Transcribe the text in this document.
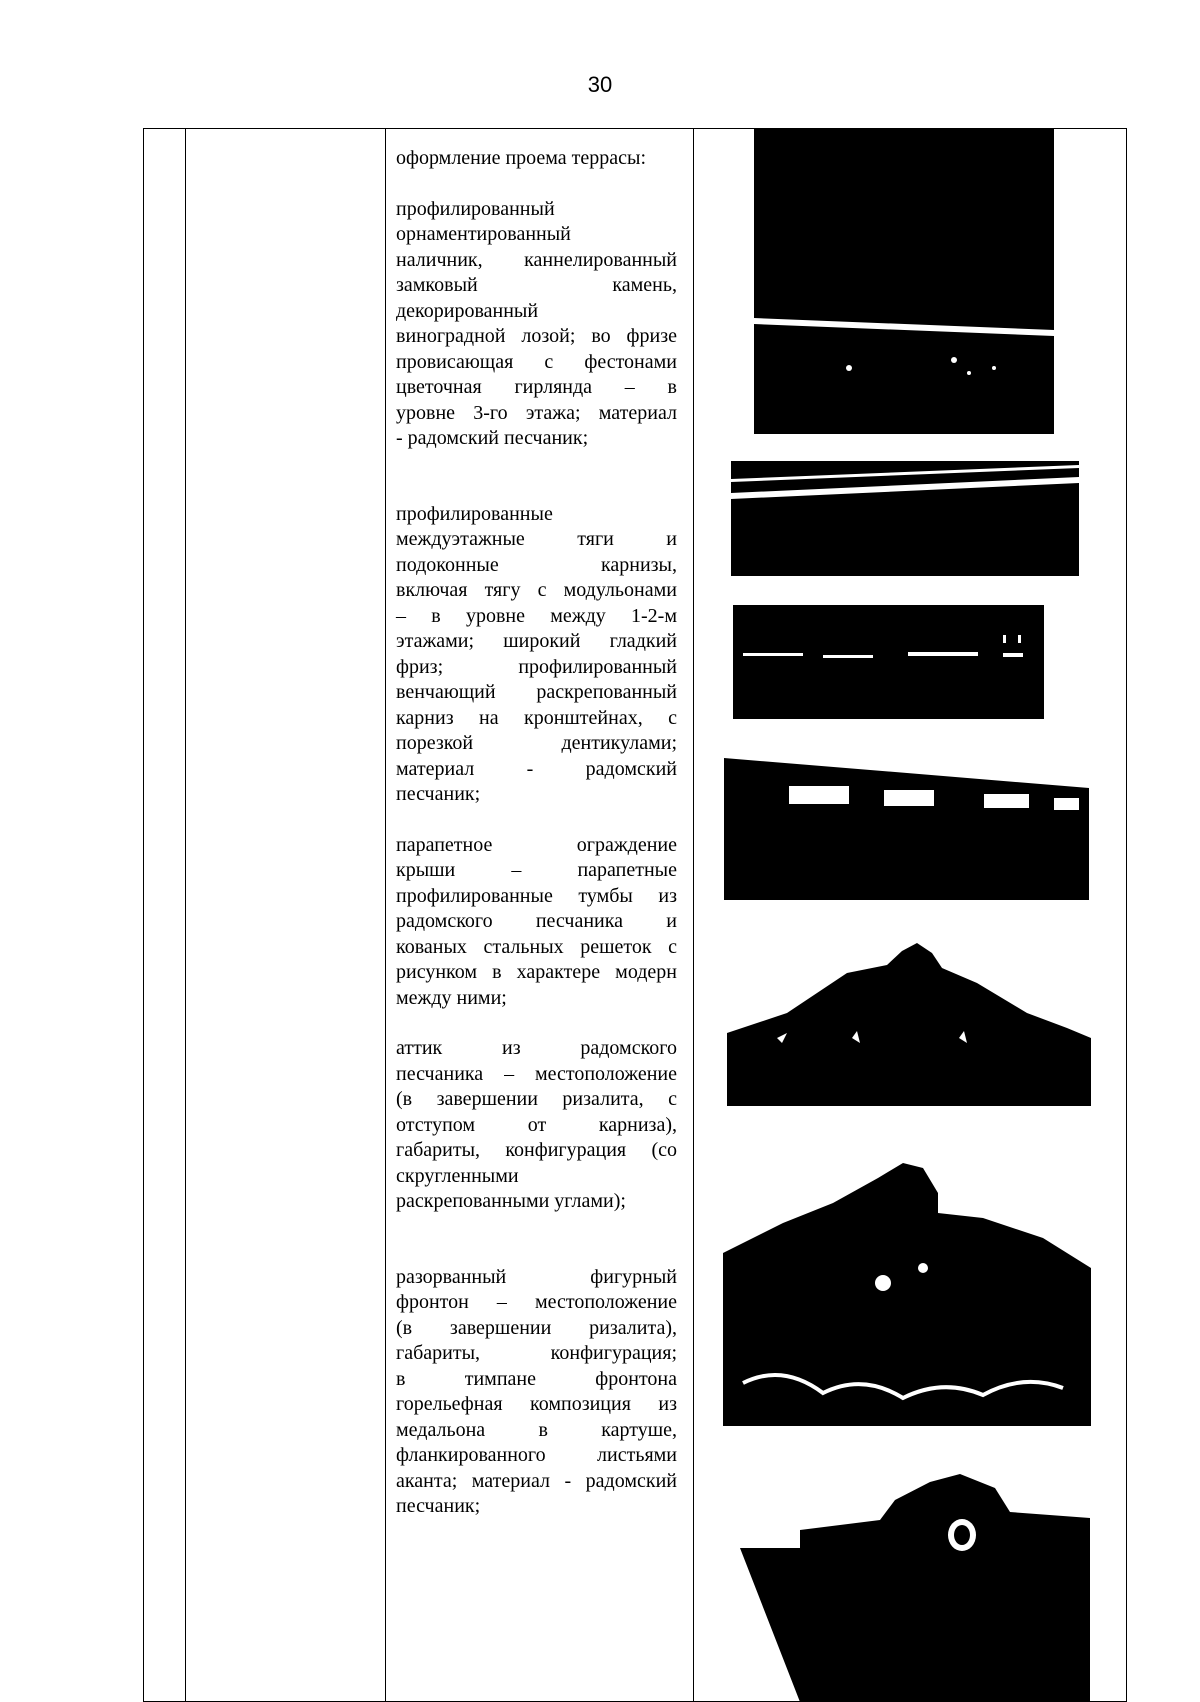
30
оформление проема террасы:
профилированный
орнаментированный
наличник, каннелированный
замковый камень,
декорированный
виноградной лозой; во фризе
провисающая с фестонами
цветочная гирлянда – в
уровне 3-го этажа; материал
- радомский песчаник;
профилированные
междуэтажные тяги и
подоконные карнизы,
включая тягу с модульонами
– в уровне между 1-2-м
этажами; широкий гладкий
фриз; профилированный
венчающий раскрепованный
карниз на кронштейнах, с
порезкой дентикулами;
материал - радомский
песчаник;
парапетное ограждение
крыши – парапетные
профилированные тумбы из
радомского песчаника и
кованых стальных решеток с
рисунком в характере модерн
между ними;
аттик из радомского
песчаника – местоположение
(в завершении ризалита, с
отступом от карниза),
габариты, конфигурация (со
скругленными
раскрепованными углами);
разорванный фигурный
фронтон – местоположение
(в завершении ризалита),
габариты, конфигурация;
в тимпане фронтона
горельефная композиция из
медальона в картуше,
фланкированного листьями
аканта; материал - радомский
песчаник;
